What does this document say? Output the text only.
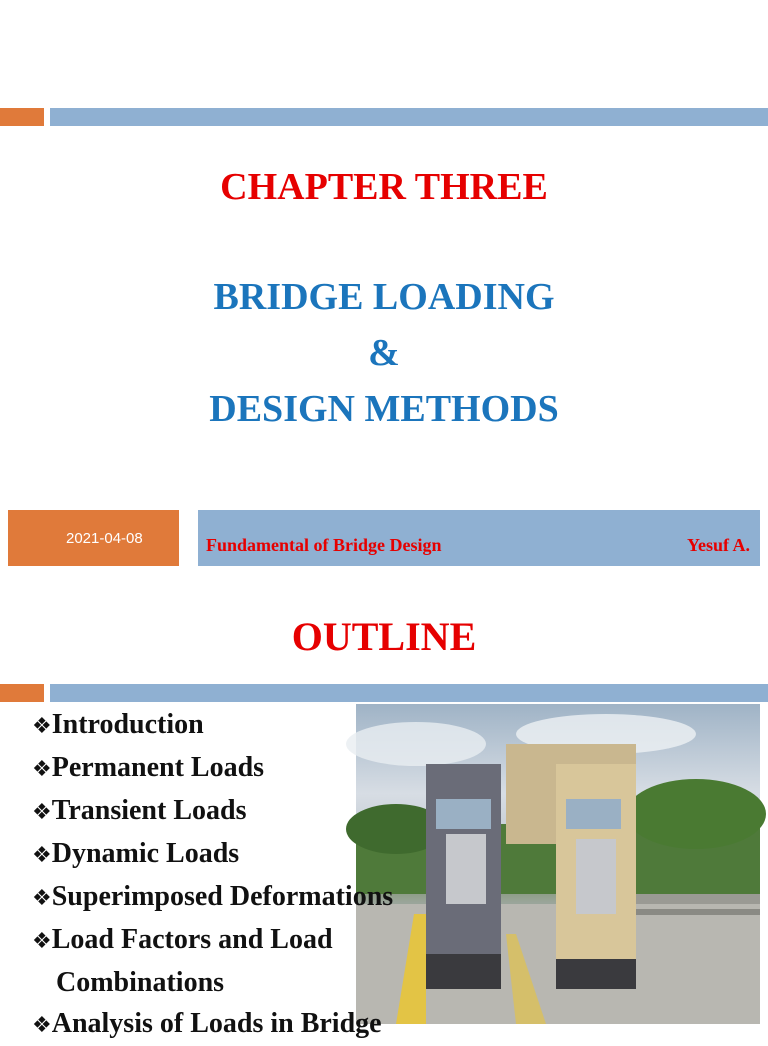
CHAPTER THREE
BRIDGE LOADING
&
DESIGN METHODS
2021-04-08	Fundamental of Bridge Design	Yesuf A.
OUTLINE
❖Introduction
❖Permanent Loads
❖Transient Loads
❖Dynamic Loads
❖Superimposed Deformations
❖Load Factors and Load
Combinations
❖Analysis of Loads in Bridge
